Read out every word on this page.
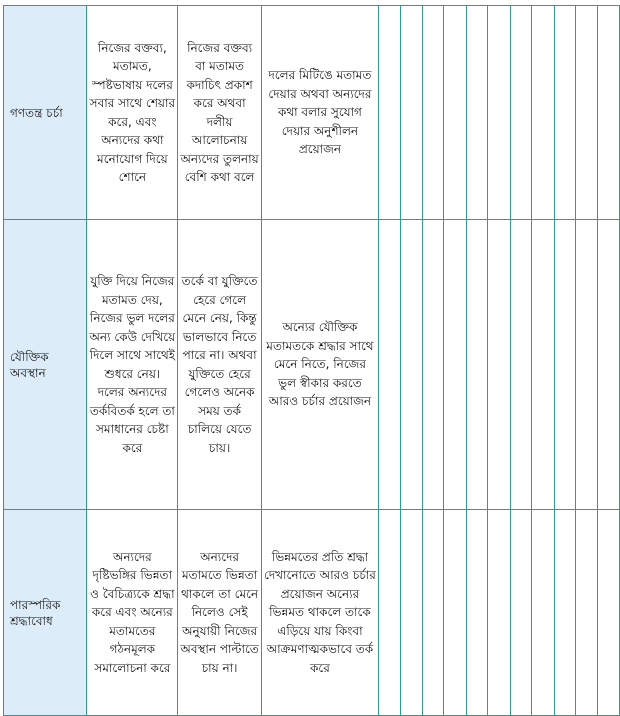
গণতন্ত্র চর্চা	নিজের বক্তব্য, মতামত, স্পষ্টভাষায় দলের সবার সাথে শেয়ার করে, এবং অন্যদের কথা মনোযোগ দিয়ে শোনে	নিজের বক্তব্য বা মতামত কদাচিৎ প্রকাশ করে অথবা দলীয় আলোচনায় অন্যদের তুলনায় বেশি কথা বলে	দলের মিটিঙে মতামত দেয়ার অথবা অন্যদের কথা বলার সুযোগ দেয়ার অনুশীলন প্রয়োজন											

যৌক্তিক অবস্থান	যুক্তি দিয়ে নিজের মতামত দেয়, নিজের ভুল দলের অন্য কেউ দেখিয়ে দিলে সাথে সাথেই শুধরে নেয়। দলের অন্যদের তর্কবিতর্ক হলে তা সমাধানের চেষ্টা করে	তর্কে বা যুক্তিতে হেরে গেলে মেনে নেয়, কিন্তু ভালভাবে নিতে পারে না। অথবা যুক্তিতে হেরে গেলেও অনেক সময় তর্ক চালিয়ে যেতে চায়।	অন্যের যৌক্তিক মতামতকে শ্রদ্ধার সাথে মেনে নিতে, নিজের ভুল স্বীকার করতে আরও চর্চার প্রয়োজন											

পারস্পরিক শ্রদ্ধাবোধ	অন্যদের দৃষ্টিভঙ্গির ভিন্নতা ও বৈচিত্র্যকে শ্রদ্ধা করে এবং অন্যের মতামতের গঠনমূলক সমালোচনা করে	অন্যদের মতামতে ভিন্নতা থাকলে তা মেনে নিলেও সেই অনুযায়ী নিজের অবস্থান পাল্টাতে চায় না।	ভিন্নমতের প্রতি শ্রদ্ধা দেখানোতে আরও চর্চার প্রয়োজন অন্যের ভিন্নমত থাকলে তাকে এড়িয়ে যায় কিংবা আক্রমণাত্মকভাবে তর্ক করে											
